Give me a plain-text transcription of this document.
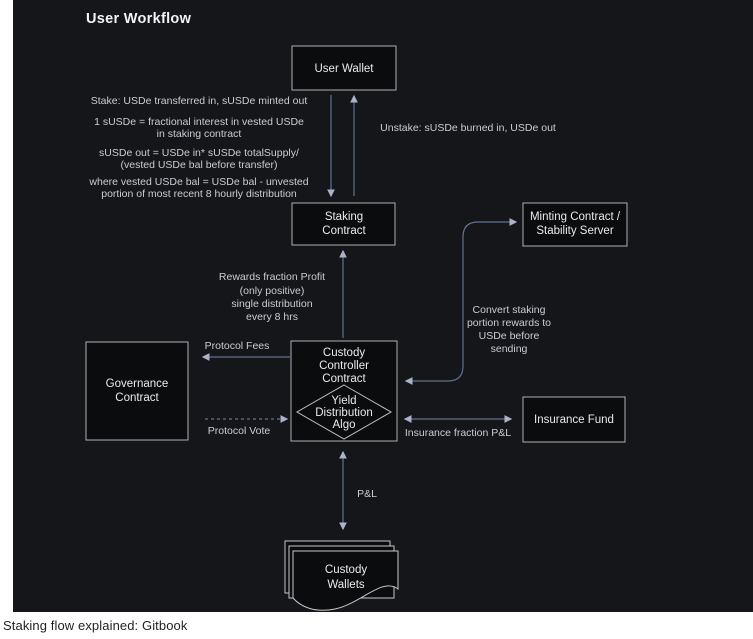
User Workflow
Stake: USDe transferred in, sUSDe minted out
1 sUSDe = fractional interest in vested USDe
in staking contract
sUSDe out = USDe in* sUSDe totalSupply/
(vested USDe bal before transfer)
where vested USDe bal = USDe bal - unvested
portion of most recent 8 hourly distribution
Unstake: sUSDe burned in, USDe out
Rewards fraction Profit
(only positive)
single distribution
every 8 hrs
Convert staking
portion rewards to
USDe before
sending
Protocol Fees
Protocol Vote	Insurance fraction P&L
P&L
User Wallet
Staking
Contract
Minting Contract /
Stability Server
Governance
Contract
Custody
Controller
Contract
Yield
Distribution
Algo	Insurance Fund
Custody
Wallets
Staking flow explained: Gitbook
